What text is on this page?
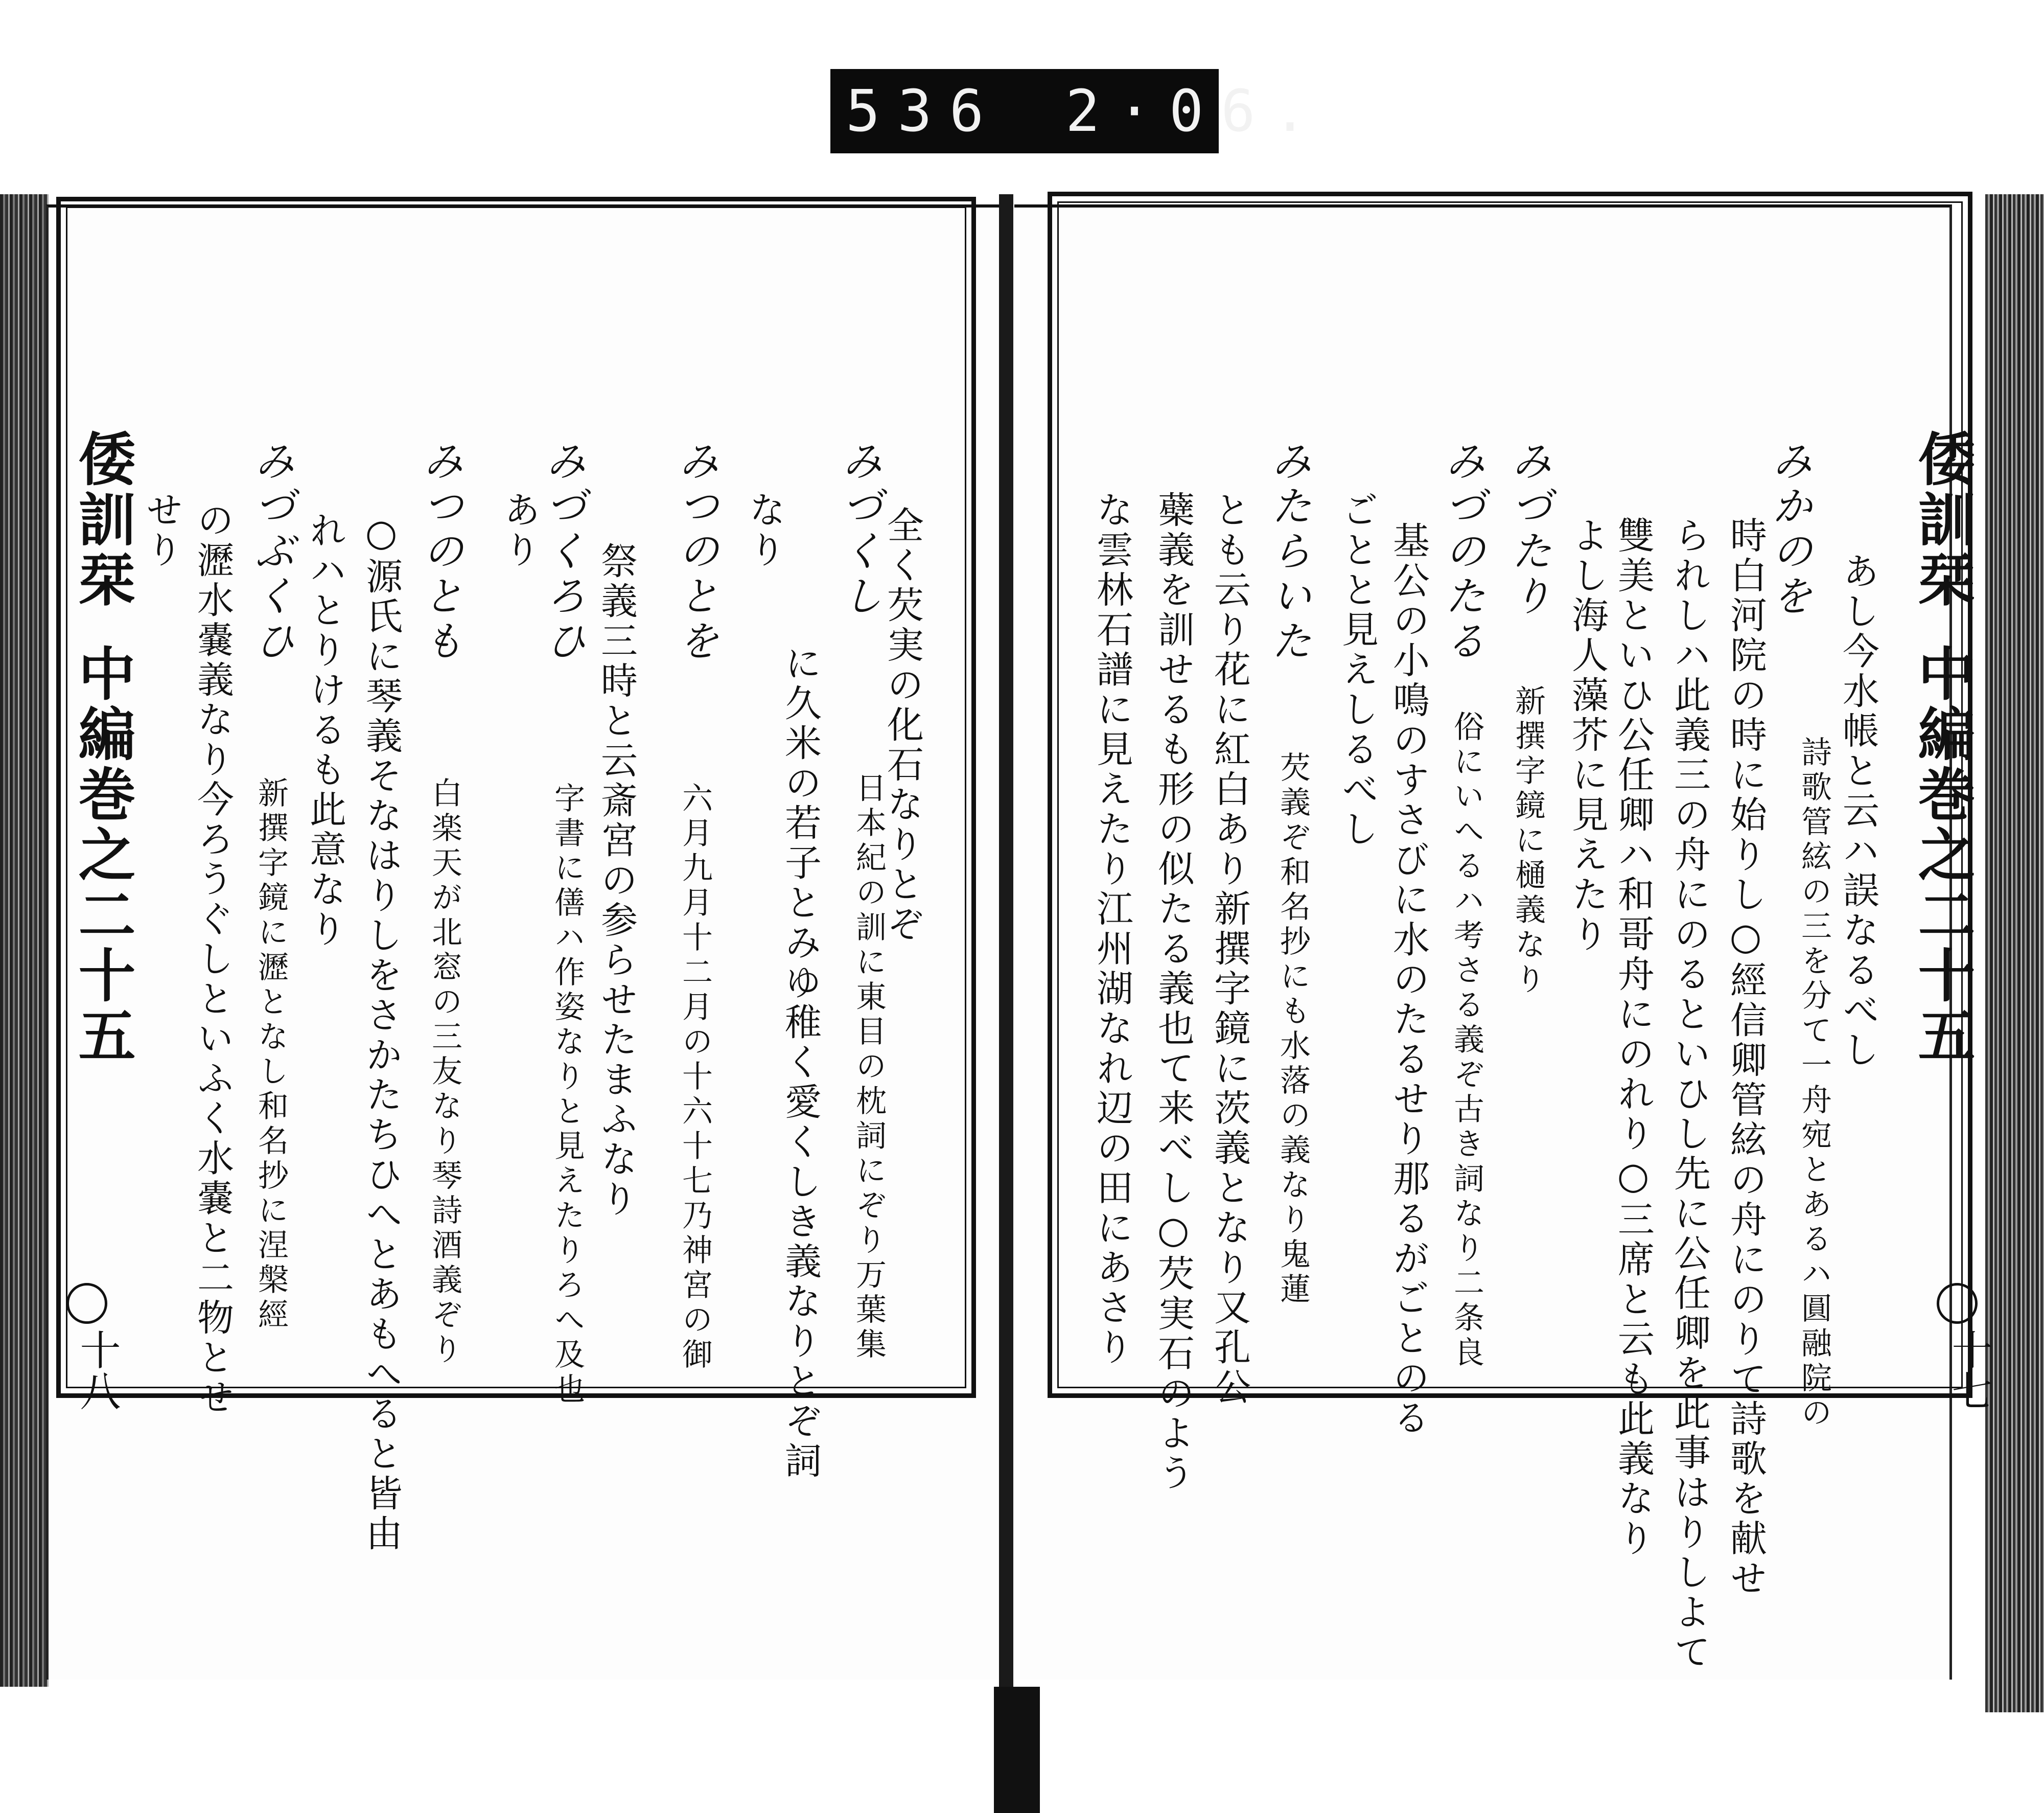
536 2·06.
倭訓栞
中編巻之二十五
十八
全く芡実の化石なりとぞ
みづくし
日本紀の訓に東目の枕詞にぞり万葉集
に久米の若子とみゆ稚く愛くしき義なりとぞ詞
なり
みつのとを
六月九月十二月の十六十七乃神宮の御
祭義三時と云斎宮の参らせたまふなり
みづくろひ
字書に僐ハ作姿なりと見えたりろへ及也
あり
みつのとも
白楽天が北窓の三友なり琴詩酒義ぞり
○源氏に琴義そなはりしをさかたちひへとあもへると皆由
れハとりけるも此意なり
みづぶくひ
新撰字鏡に瀝となし和名抄に涅槃經
の瀝水嚢義なり今ろうぐしといふく水嚢と二物とせ
せり	倭訓栞
中編巻之二十五
十七
あし今水帳と云ハ誤なるべし
みかのを
詩歌管絃の三を分て一舟宛とあるハ圓融院の
時白河院の時に始りし○經信卿管絃の舟にのりて詩歌を献せ
られしハ此義三の舟にのるといひし先に公任卿を此事はりしよて
雙美といひ公任卿ハ和哥舟にのれり○三席と云も此義なり
よし海人藻芥に見えたり
みづたり
新撰字鏡に樋義なり
みづのたる
俗にいへるハ考さる義ぞ古き詞なり二条良
基公の小鳴のすさびに水のたるせり那るがごとのる
ごとと見えしるべし
みたらいた
芡義ぞ和名抄にも水落の義なり鬼蓮
とも云り花に紅白あり新撰字鏡に茨義となり又孔公
蘗義を訓せるも形の似たる義也て来べし○芡実石のよう
な雲林石譜に見えたり江州湖なれ辺の田にあさり
